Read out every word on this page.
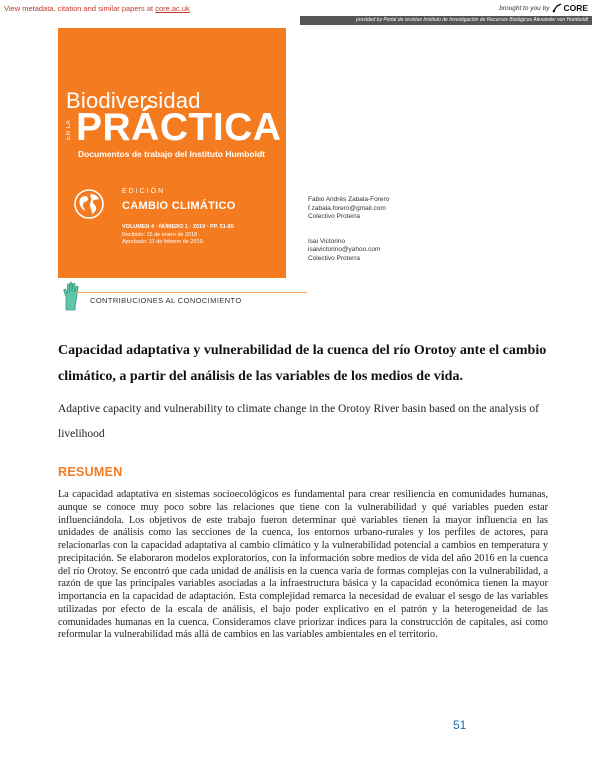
View metadata, citation and similar papers at core.ac.uk	brought to you by CORE
provided by Portal de revistas Instituto de Investigación de Recursos Biológicos Alexander von Humboldt
Biodiversidad
EN LA PRÁCTICA
Documentos de trabajo del Instituto Humboldt
EDICIÓN
CAMBIO CLIMÁTICO
VOLUMEN 4 · NÚMERO 1 · 2019 · PP. 51-85
Recibido: 15 de enero de 2018 ·
Aprobado: 11 de febrero de 2019.
Fabio Andrés Zabala-Forero
f.zabala.forero@gmail.com
Colectivo Proterra
Isai Victorino
isaivictorino@yahoo.com
Colectivo Proterra
CONTRIBUCIONES AL CONOCIMIENTO
Capacidad adaptativa y vulnerabilidad de la cuenca del río Orotoy ante el cambio climático, a partir del análisis de las variables de los medios de vida.
Adaptive capacity and vulnerability to climate change in the Orotoy River basin based on the analysis of livelihood
RESUMEN
La capacidad adaptativa en sistemas socioecológicos es fundamental para crear resiliencia en comunidades humanas, aunque se conoce muy poco sobre las relaciones que tiene con la vulnerabilidad y qué variables pueden estar influenciándola. Los objetivos de este trabajo fueron determinar qué variables tienen la mayor influencia en las unidades de análisis como las secciones de la cuenca, los entornos urbano-rurales y los perfiles de actores, para relacionarlas con la capacidad adaptativa al cambio climático y la vulnerabilidad potencial a cambios en temperatura y precipitación. Se elaboraron modelos exploratorios, con la información sobre medios de vida del año 2016 en la cuenca del río Orotoy. Se encontró que cada unidad de análisis en la cuenca varía de formas complejas con la vulnerabilidad, a razón de que las principales variables asociadas a la infraestructura básica y la capacidad económica tienen la mayor importancia en la capacidad de adaptación. Esta complejidad remarca la necesidad de evaluar el sesgo de las variables utilizadas por efecto de la escala de análisis, el bajo poder explicativo en el patrón y la heterogeneidad de las comunidades humanas en la cuenca. Consideramos clave priorizar índices para la construcción de capitales, así como reformular la vulnerabilidad más allá de cambios en las variables ambientales en el territorio.
51
